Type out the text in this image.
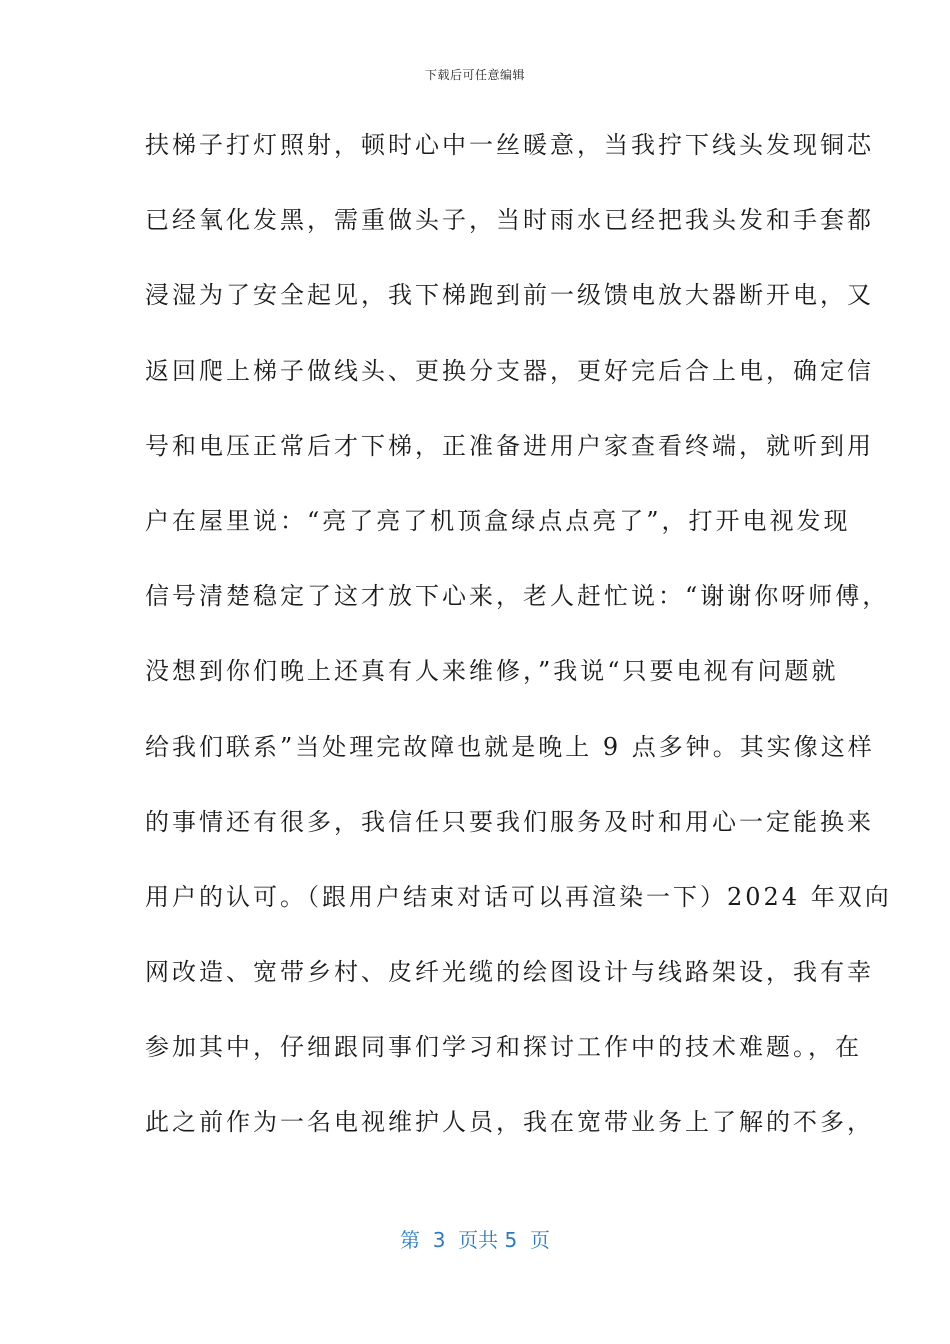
下载后可任意编辑
扶梯子打灯照射，顿时心中一丝暖意，当我拧下线头发现铜芯
已经氧化发黑，需重做头子，当时雨水已经把我头发和手套都
浸湿为了安全起见，我下梯跑到前一级馈电放大器断开电，又
返回爬上梯子做线头、更换分支器，更好完后合上电，确定信
号和电压正常后才下梯，正准备进用户家查看终端，就听到用
户在屋里说：“亮了亮了机顶盒绿点点亮了”，打开电视发现
信号清楚稳定了这才放下心来，老人赶忙说：“谢谢你呀师傅，
没想到你们晚上还真有人来维修，”我说“只要电视有问题就
给我们联系”当处理完故障也就是晚上 9 点多钟。其实像这样
的事情还有很多，我信任只要我们服务及时和用心一定能换来
用户的认可。（跟用户结束对话可以再渲染一下）2024 年双向
网改造、宽带乡村、皮纤光缆的绘图设计与线路架设，我有幸
参加其中，仔细跟同事们学习和探讨工作中的技术难题。，在
此之前作为一名电视维护人员，我在宽带业务上了解的不多，
第  3  页共 5  页
